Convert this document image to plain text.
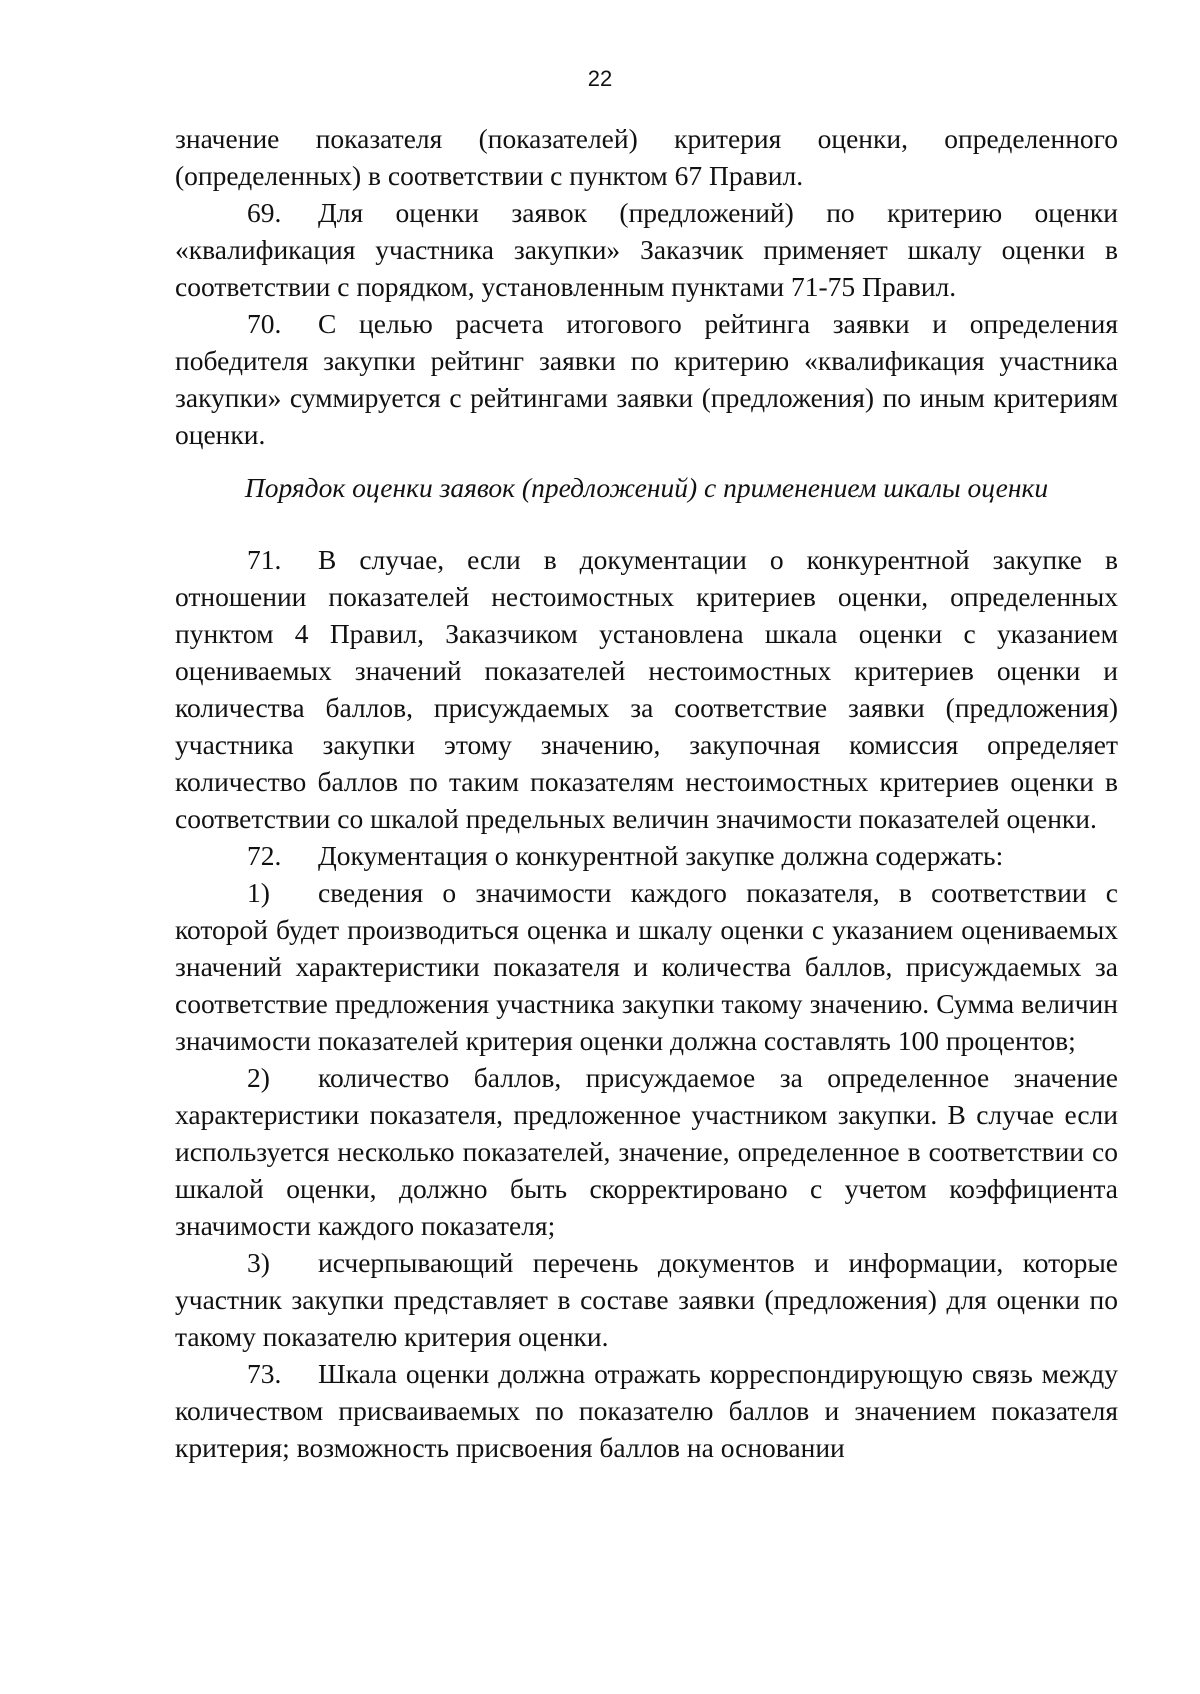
22

значение показателя (показателей) критерия оценки, определенного (определенных) в соответствии с пунктом 67 Правил.

69. Для оценки заявок (предложений) по критерию оценки «квалификация участника закупки» Заказчик применяет шкалу оценки в соответствии с порядком, установленным пунктами 71-75 Правил.

70. С целью расчета итогового рейтинга заявки и определения победителя закупки рейтинг заявки по критерию «квалификация участника закупки» суммируется с рейтингами заявки (предложения) по иным критериям оценки.

Порядок оценки заявок (предложений) с применением шкалы оценки

71. В случае, если в документации о конкурентной закупке в отношении показателей нестоимостных критериев оценки, определенных пунктом 4 Правил, Заказчиком установлена шкала оценки с указанием оцениваемых значений показателей нестоимостных критериев оценки и количества баллов, присуждаемых за соответствие заявки (предложения) участника закупки этому значению, закупочная комиссия определяет количество баллов по таким показателям нестоимостных критериев оценки в соответствии со шкалой предельных величин значимости показателей оценки.

72. Документация о конкурентной закупке должна содержать:

1) сведения о значимости каждого показателя, в соответствии с которой будет производиться оценка и шкалу оценки с указанием оцениваемых значений характеристики показателя и количества баллов, присуждаемых за соответствие предложения участника закупки такому значению. Сумма величин значимости показателей критерия оценки должна составлять 100 процентов;

2) количество баллов, присуждаемое за определенное значение характеристики показателя, предложенное участником закупки. В случае если используется несколько показателей, значение, определенное в соответствии со шкалой оценки, должно быть скорректировано с учетом коэффициента значимости каждого показателя;

3) исчерпывающий перечень документов и информации, которые участник закупки представляет в составе заявки (предложения) для оценки по такому показателю критерия оценки.

73. Шкала оценки должна отражать корреспондирующую связь между количеством присваиваемых по показателю баллов и значением показателя критерия; возможность присвоения баллов на основании
